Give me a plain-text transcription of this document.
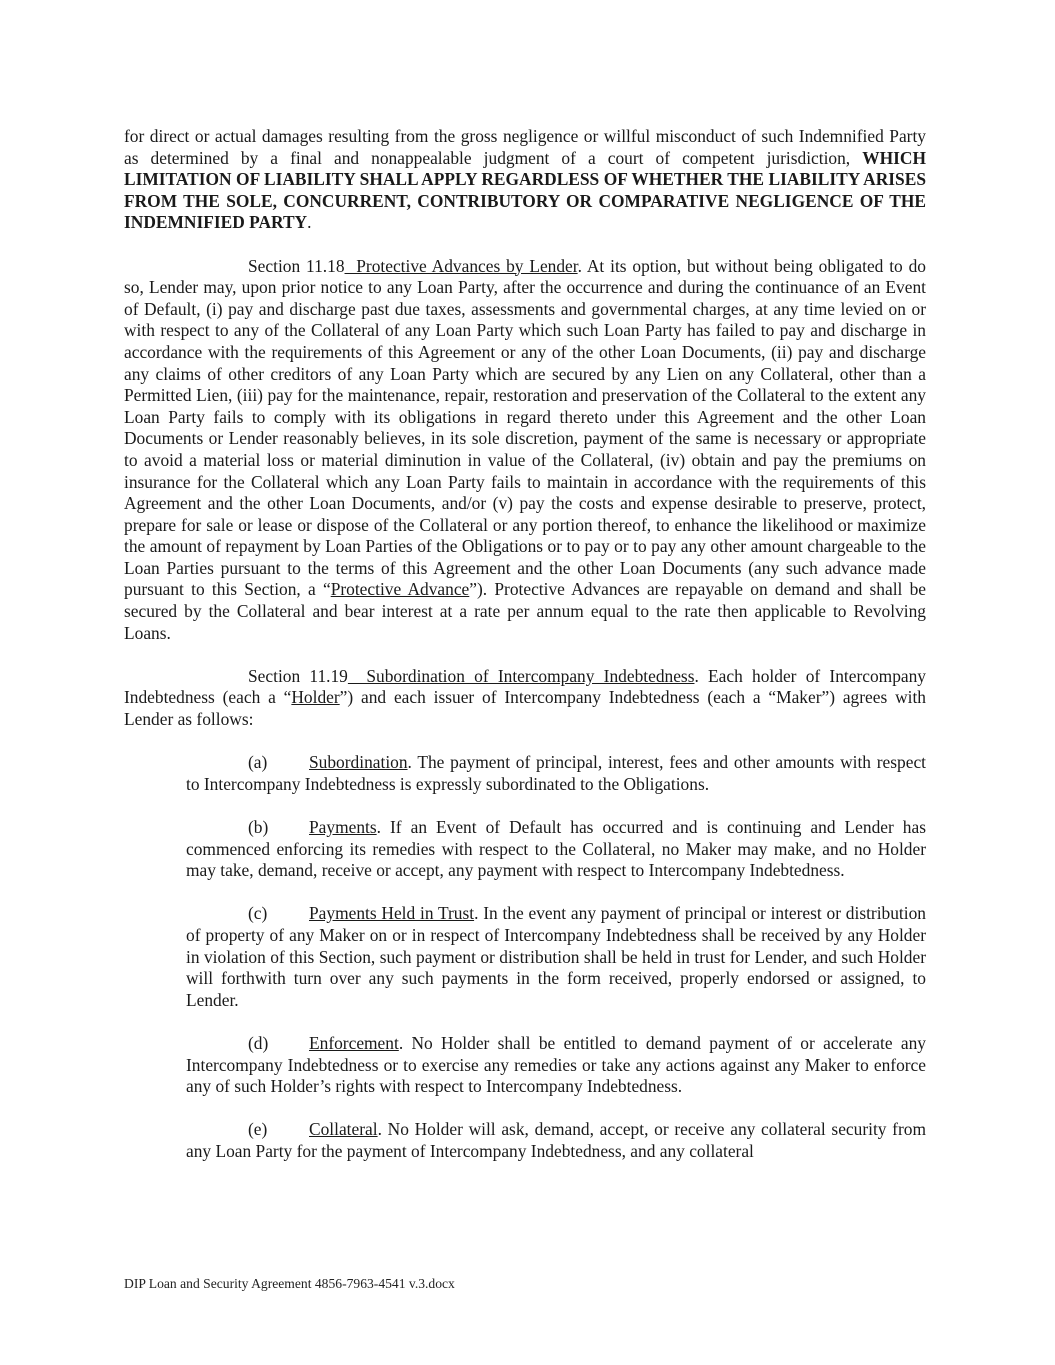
for direct or actual damages resulting from the gross negligence or willful misconduct of such Indemnified Party as determined by a final and nonappealable judgment of a court of competent jurisdiction, WHICH LIMITATION OF LIABILITY SHALL APPLY REGARDLESS OF WHETHER THE LIABILITY ARISES FROM THE SOLE, CONCURRENT, CONTRIBUTORY OR COMPARATIVE NEGLIGENCE OF THE INDEMNIFIED PARTY.

Section 11.18  Protective Advances by Lender. At its option, but without being obligated to do so, Lender may, upon prior notice to any Loan Party, after the occurrence and during the continuance of an Event of Default, (i) pay and discharge past due taxes, assessments and governmental charges, at any time levied on or with respect to any of the Collateral of any Loan Party which such Loan Party has failed to pay and discharge in accordance with the requirements of this Agreement or any of the other Loan Documents, (ii) pay and discharge any claims of other creditors of any Loan Party which are secured by any Lien on any Collateral, other than a Permitted Lien, (iii) pay for the maintenance, repair, restoration and preservation of the Collateral to the extent any Loan Party fails to comply with its obligations in regard thereto under this Agreement and the other Loan Documents or Lender reasonably believes, in its sole discretion, payment of the same is necessary or appropriate to avoid a material loss or material diminution in value of the Collateral, (iv) obtain and pay the premiums on insurance for the Collateral which any Loan Party fails to maintain in accordance with the requirements of this Agreement and the other Loan Documents, and/or (v) pay the costs and expense desirable to preserve, protect, prepare for sale or lease or dispose of the Collateral or any portion thereof, to enhance the likelihood or maximize the amount of repayment by Loan Parties of the Obligations or to pay or to pay any other amount chargeable to the Loan Parties pursuant to the terms of this Agreement and the other Loan Documents (any such advance made pursuant to this Section, a “Protective Advance”). Protective Advances are repayable on demand and shall be secured by the Collateral and bear interest at a rate per annum equal to the rate then applicable to Revolving Loans.

Section 11.19  Subordination of Intercompany Indebtedness. Each holder of Intercompany Indebtedness (each a “Holder”) and each issuer of Intercompany Indebtedness (each a “Maker”) agrees with Lender as follows:

(a) Subordination. The payment of principal, interest, fees and other amounts with respect to Intercompany Indebtedness is expressly subordinated to the Obligations.

(b) Payments. If an Event of Default has occurred and is continuing and Lender has commenced enforcing its remedies with respect to the Collateral, no Maker may make, and no Holder may take, demand, receive or accept, any payment with respect to Intercompany Indebtedness.

(c) Payments Held in Trust. In the event any payment of principal or interest or distribution of property of any Maker on or in respect of Intercompany Indebtedness shall be received by any Holder in violation of this Section, such payment or distribution shall be held in trust for Lender, and such Holder will forthwith turn over any such payments in the form received, properly endorsed or assigned, to Lender.

(d) Enforcement. No Holder shall be entitled to demand payment of or accelerate any Intercompany Indebtedness or to exercise any remedies or take any actions against any Maker to enforce any of such Holder’s rights with respect to Intercompany Indebtedness.

(e) Collateral. No Holder will ask, demand, accept, or receive any collateral security from any Loan Party for the payment of Intercompany Indebtedness, and any collateral

DIP Loan and Security Agreement 4856-7963-4541 v.3.docx
